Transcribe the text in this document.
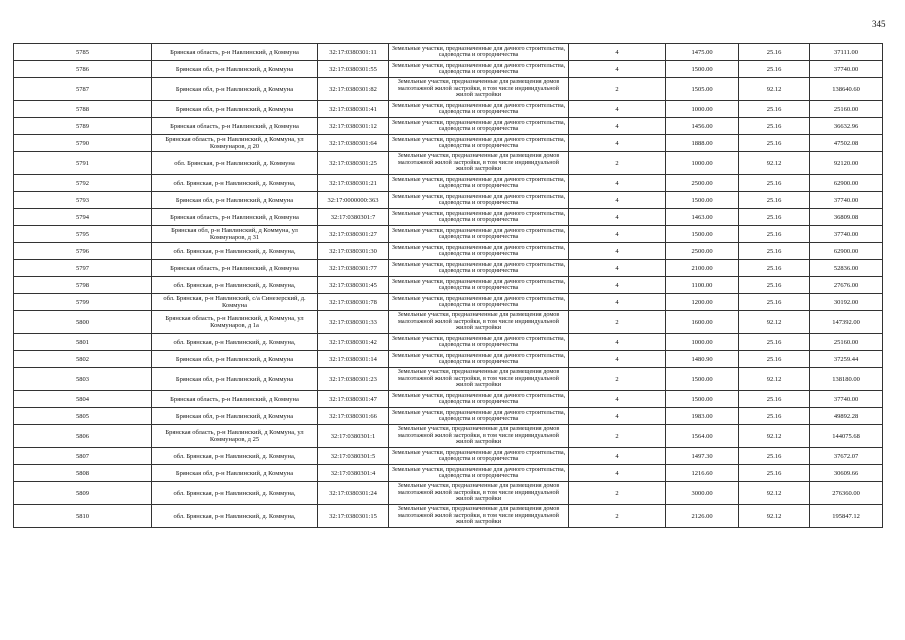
345
5785	Брянская область, р-н Навлинский, д Коммуна	32:17:0380301:11	Земельные участки, предназначенные для дачного строительства, садоводства и огородничества	4	1475.00	25.16	37111.00
5786	Брянская обл, р-н Навлинский, д Коммуна	32:17:0380301:55	Земельные участки, предназначенные для дачного строительства, садоводства и огородничества	4	1500.00	25.16	37740.00
5787	Брянская обл, р-н Навлинский, д Коммуна	32:17:0380301:82	Земельные участки, предназначенные для размещения домов малоэтажной жилой застройки, в том числе индивидуальной жилой застройки	2	1505.00	92.12	138640.60
5788	Брянская обл, р-н Навлинский, д Коммуна	32:17:0380301:41	Земельные участки, предназначенные для дачного строительства, садоводства и огородничества	4	1000.00	25.16	25160.00
5789	Брянская область, р-н Навлинский, д Коммуна	32:17:0380301:12	Земельные участки, предназначенные для дачного строительства, садоводства и огородничества	4	1456.00	25.16	36632.96
5790	Брянская область, р-н Навлинский, д Коммуна, ул Коммунаров, д 20	32:17:0380301:64	Земельные участки, предназначенные для дачного строительства, садоводства и огородничества	4	1888.00	25.16	47502.08
5791	обл. Брянская, р-н Навлинский, д. Коммуна	32:17:0380301:25	Земельные участки, предназначенные для размещения домов малоэтажной жилой застройки, в том числе индивидуальной жилой застройки	2	1000.00	92.12	92120.00
5792	обл. Брянская, р-н Навлинский, д. Коммуна,	32:17:0380301:21	Земельные участки, предназначенные для дачного строительства, садоводства и огородничества	4	2500.00	25.16	62900.00
5793	Брянская обл, р-н Навлинский, д Коммуна	32:17:0000000:363	Земельные участки, предназначенные для дачного строительства, садоводства и огородничества	4	1500.00	25.16	37740.00
5794	Брянская область, р-н Навлинский, д Коммуна	32:17:0380301:7	Земельные участки, предназначенные для дачного строительства, садоводства и огородничества	4	1463.00	25.16	36809.08
5795	Брянская обл, р-н Навлинский, д Коммуна, ул Коммунаров, д 31	32:17:0380301:27	Земельные участки, предназначенные для дачного строительства, садоводства и огородничества	4	1500.00	25.16	37740.00
5796	обл. Брянская, р-н Навлинский, д. Коммуна,	32:17:0380301:30	Земельные участки, предназначенные для дачного строительства, садоводства и огородничества	4	2500.00	25.16	62900.00
5797	Брянская область, р-н Навлинский, д Коммуна	32:17:0380301:77	Земельные участки, предназначенные для дачного строительства, садоводства и огородничества	4	2100.00	25.16	52836.00
5798	обл. Брянская, р-н Навлинский, д. Коммуна,	32:17:0380301:45	Земельные участки, предназначенные для дачного строительства, садоводства и огородничества	4	1100.00	25.16	27676.00
5799	обл. Брянская, р-н Навлинский, с/а Синезерский, д. Коммуна	32:17:0380301:78	Земельные участки, предназначенные для дачного строительства, садоводства и огородничества	4	1200.00	25.16	30192.00
5800	Брянская область, р-н Навлинский, д Коммуна, ул Коммунаров, д 1а	32:17:0380301:33	Земельные участки, предназначенные для размещения домов малоэтажной жилой застройки, в том числе индивидуальной жилой застройки	2	1600.00	92.12	147392.00
5801	обл. Брянская, р-н Навлинский, д. Коммуна,	32:17:0380301:42	Земельные участки, предназначенные для дачного строительства, садоводства и огородничества	4	1000.00	25.16	25160.00
5802	Брянская обл, р-н Навлинский, д Коммуна	32:17:0380301:14	Земельные участки, предназначенные для дачного строительства, садоводства и огородничества	4	1480.90	25.16	37259.44
5803	Брянская обл, р-н Навлинский, д Коммуна	32:17:0380301:23	Земельные участки, предназначенные для размещения домов малоэтажной жилой застройки, в том числе индивидуальной жилой застройки	2	1500.00	92.12	138180.00
5804	Брянская область, р-н Навлинский, д Коммуна	32:17:0380301:47	Земельные участки, предназначенные для дачного строительства, садоводства и огородничества	4	1500.00	25.16	37740.00
5805	Брянская обл, р-н Навлинский, д Коммуна	32:17:0380301:66	Земельные участки, предназначенные для дачного строительства, садоводства и огородничества	4	1983.00	25.16	49892.28
5806	Брянская область, р-н Навлинский, д Коммуна, ул Коммунаров, д 25	32:17:0380301:1	Земельные участки, предназначенные для размещения домов малоэтажной жилой застройки, в том числе индивидуальной жилой застройки	2	1564.00	92.12	144075.68
5807	обл. Брянская, р-н Навлинский, д. Коммуна,	32:17:0380301:5	Земельные участки, предназначенные для дачного строительства, садоводства и огородничества	4	1497.30	25.16	37672.07
5808	Брянская обл, р-н Навлинский, д Коммуна	32:17:0380301:4	Земельные участки, предназначенные для дачного строительства, садоводства и огородничества	4	1216.60	25.16	30609.66
5809	обл. Брянская, р-н Навлинский, д. Коммуна,	32:17:0380301:24	Земельные участки, предназначенные для размещения домов малоэтажной жилой застройки, в том числе индивидуальной жилой застройки	2	3000.00	92.12	276360.00
5810	обл. Брянская, р-н Навлинский, д. Коммуна,	32:17:0380301:15	Земельные участки, предназначенные для размещения домов малоэтажной жилой застройки, в том числе индивидуальной жилой застройки	2	2126.00	92.12	195847.12
